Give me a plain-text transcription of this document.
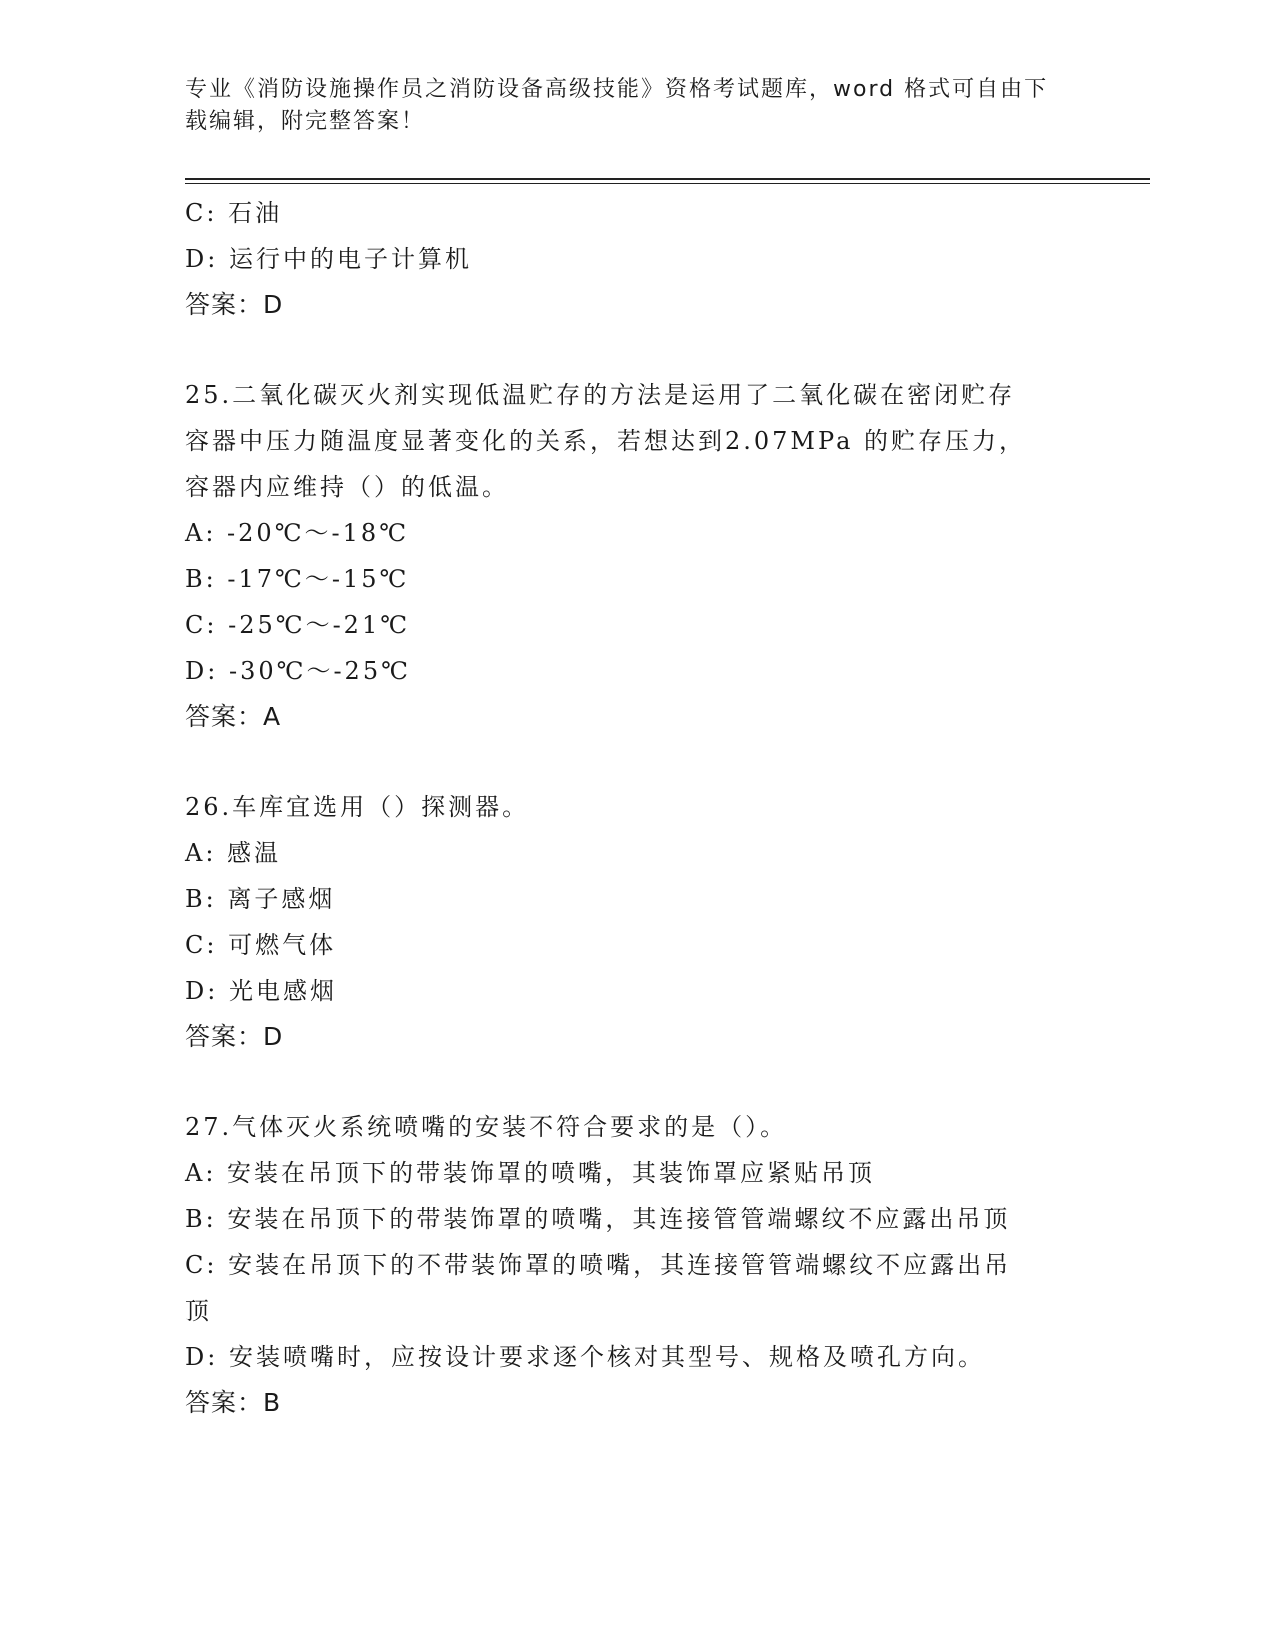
专业《消防设施操作员之消防设备高级技能》资格考试题库，word 格式可自由下
载编辑，附完整答案！
C: 石油
D: 运行中的电子计算机
答案：D
25.二氧化碳灭火剂实现低温贮存的方法是运用了二氧化碳在密闭贮存
容器中压力随温度显著变化的关系，若想达到2.07MPa 的贮存压力，
容器内应维持（）的低温。
A: -20℃～-18℃
B: -17℃～-15℃
C: -25℃～-21℃
D: -30℃～-25℃
答案：A
26.车库宜选用（）探测器。
A: 感温
B: 离子感烟
C: 可燃气体
D: 光电感烟
答案：D
27.气体灭火系统喷嘴的安装不符合要求的是（）。
A: 安装在吊顶下的带装饰罩的喷嘴，其装饰罩应紧贴吊顶
B: 安装在吊顶下的带装饰罩的喷嘴，其连接管管端螺纹不应露出吊顶
C: 安装在吊顶下的不带装饰罩的喷嘴，其连接管管端螺纹不应露出吊
顶
D: 安装喷嘴时，应按设计要求逐个核对其型号、规格及喷孔方向。
答案：B
